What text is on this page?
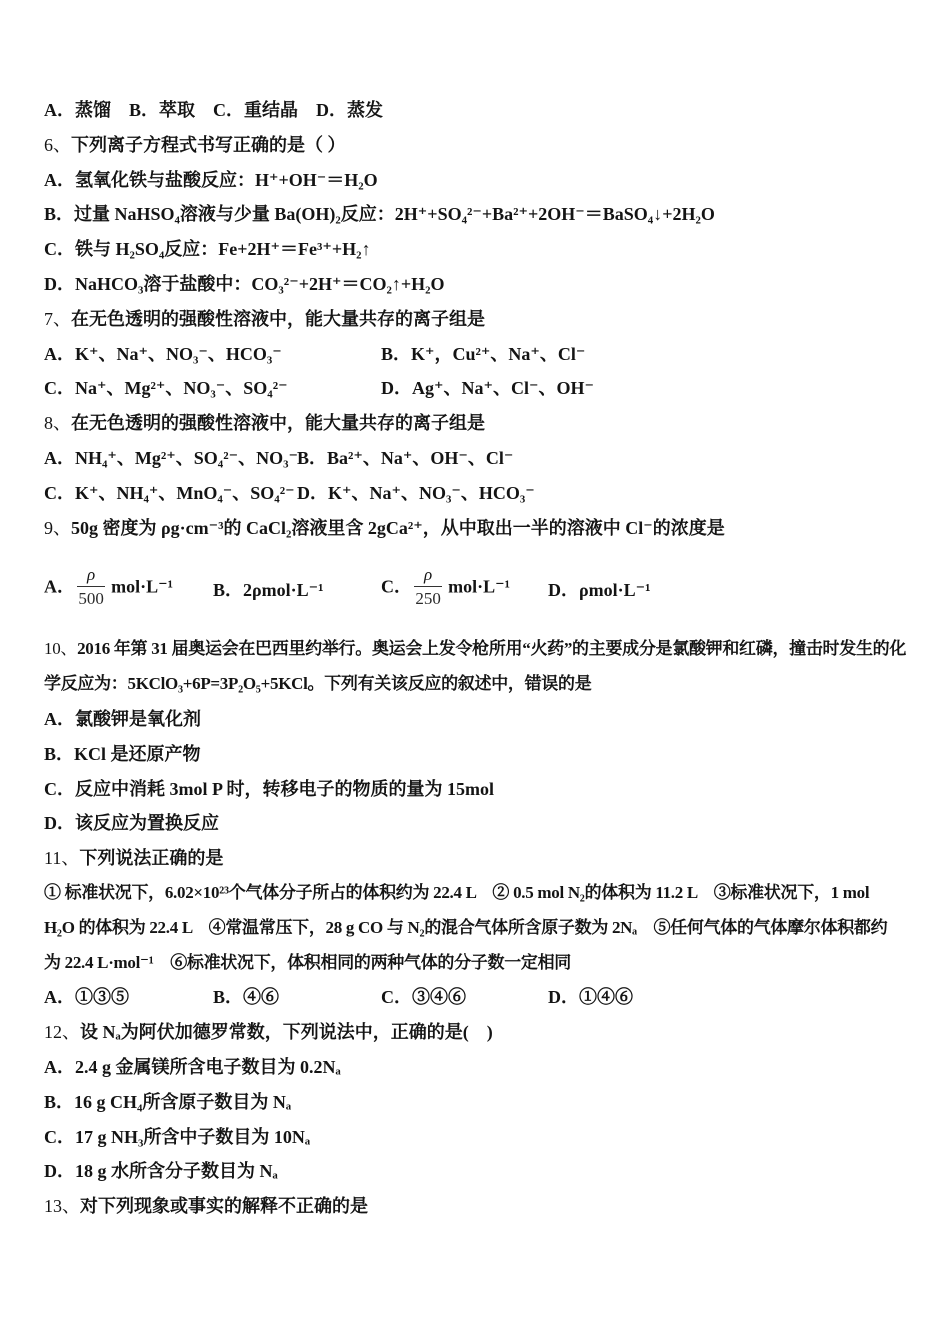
A．蒸馏　B．萃取　C．重结晶　D．蒸发
6、下列离子方程式书写正确的是（ ）
A．氢氧化铁与盐酸反应：H⁺+OH⁻＝H₂O
B．过量 NaHSO₄溶液与少量 Ba(OH)₂反应：2H⁺+SO₄²⁻+Ba²⁺+2OH⁻＝BaSO₄↓+2H₂O
C．铁与 H₂SO₄反应：Fe+2H⁺＝Fe³⁺+H₂↑
D．NaHCO₃溶于盐酸中：CO₃²⁻+2H⁺＝CO₂↑+H₂O
7、在无色透明的强酸性溶液中，能大量共存的离子组是
A．K⁺、Na⁺、NO₃⁻、HCO₃⁻	B．K⁺，Cu²⁺、Na⁺、Cl⁻
C．Na⁺、Mg²⁺、NO₃⁻、SO₄²⁻	D．Ag⁺、Na⁺、Cl⁻、OH⁻
8、在无色透明的强酸性溶液中，能大量共存的离子组是
A．NH₄⁺、Mg²⁺、SO₄²⁻、NO₃⁻B．Ba²⁺、Na⁺、OH⁻、Cl⁻
C．K⁺、NH₄⁺、MnO₄⁻、SO₄²⁻ D．K⁺、Na⁺、NO₃⁻、HCO₃⁻
9、50g 密度为 ρg·cm⁻³的 CaCl₂溶液里含 2gCa²⁺，从中取出一半的溶液中 Cl⁻的浓度是
A． $\frac{\rho}{500} mol\cdot L^{-1}$	B．2ρmol·L⁻¹	C． $\frac{\rho}{250} mol\cdot L^{-1}$	D．ρmol·L⁻¹
10、2016 年第 31 届奥运会在巴西里约举行。奥运会上发令枪所用“火药”的主要成分是氯酸钾和红磷，撞击时发生的化
学反应为：5KClO₃+6P=3P₂O₅+5KCl。下列有关该反应的叙述中，错误的是
A．氯酸钾是氧化剂
B．KCl 是还原产物
C．反应中消耗 3mol P 时，转移电子的物质的量为 15mol
D．该反应为置换反应
11、下列说法正确的是
① 标准状况下，6.02×10²³个气体分子所占的体积约为 22.4 L　② 0.5 mol N₂的体积为 11.2 L　③标准状况下，1 mol
H₂O 的体积为 22.4 L　④常温常压下，28 g CO 与 N₂的混合气体所含原子数为 2Nₐ　⑤任何气体的气体摩尔体积都约
为 22.4 L·mol⁻¹　⑥标准状况下，体积相同的两种气体的分子数一定相同
A．①③⑤	B．④⑥	C．③④⑥	D．①④⑥
12、设 Nₐ为阿伏加德罗常数，下列说法中，正确的是(　)
A．2.4 g 金属镁所含电子数目为 0.2Nₐ
B．16 g CH₄所含原子数目为 Nₐ
C．17 g NH₃所含中子数目为 10Nₐ
D．18 g 水所含分子数目为 Nₐ
13、对下列现象或事实的解释不正确的是
